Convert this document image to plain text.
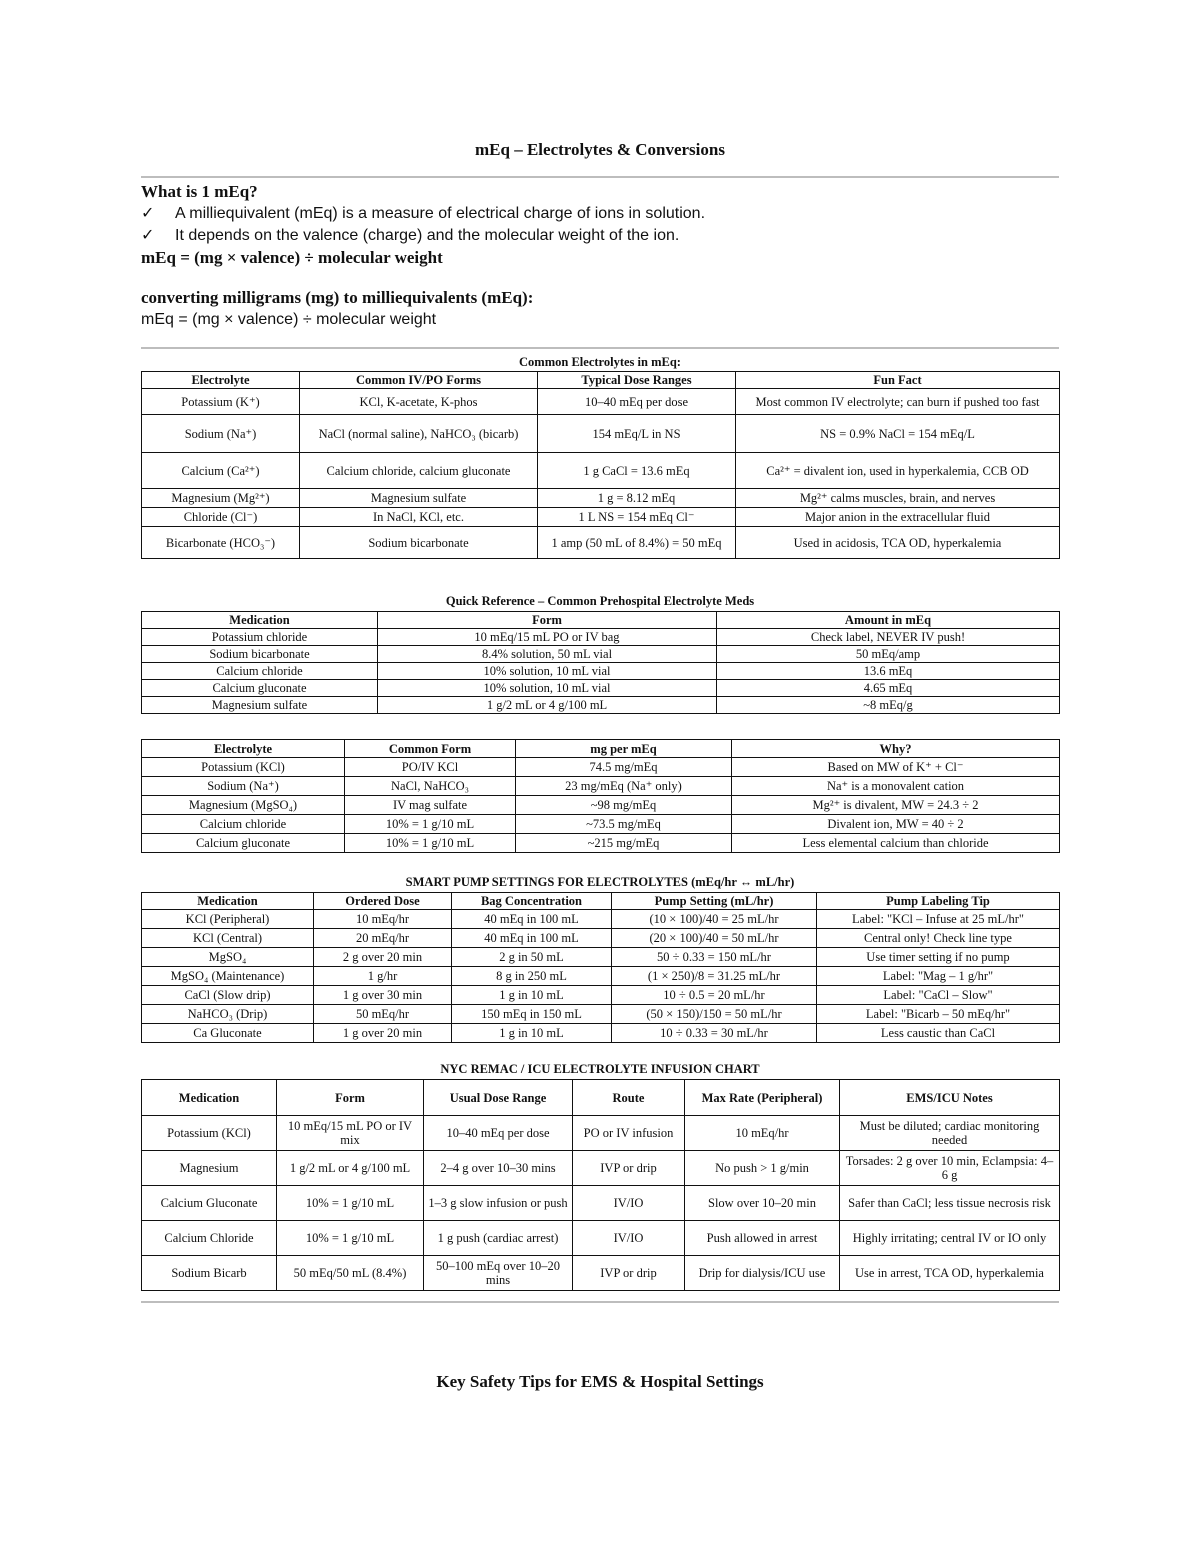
mEq – Electrolytes & Conversions
What is 1 mEq?
✓ A milliequivalent (mEq) is a measure of electrical charge of ions in solution.
✓ It depends on the valence (charge) and the molecular weight of the ion.
mEq = (mg × valence) ÷ molecular weight
converting milligrams (mg) to milliequivalents (mEq):
mEq = (mg × valence) ÷ molecular weight
Common Electrolytes in mEq:
Electrolyte	Common IV/PO Forms	Typical Dose Ranges	Fun Fact
Potassium (K⁺)	KCl, K-acetate, K-phos	10–40 mEq per dose	Most common IV electrolyte; can burn if pushed too fast
Sodium (Na⁺)	NaCl (normal saline), NaHCO₃ (bicarb)	154 mEq/L in NS	NS = 0.9% NaCl = 154 mEq/L
Calcium (Ca²⁺)	Calcium chloride, calcium gluconate	1 g CaCl = 13.6 mEq	Ca²⁺ = divalent ion, used in hyperkalemia, CCB OD
Magnesium (Mg²⁺)	Magnesium sulfate	1 g = 8.12 mEq	Mg²⁺ calms muscles, brain, and nerves
Chloride (Cl⁻)	In NaCl, KCl, etc.	1 L NS = 154 mEq Cl⁻	Major anion in the extracellular fluid
Bicarbonate (HCO₃⁻)	Sodium bicarbonate	1 amp (50 mL of 8.4%) = 50 mEq	Used in acidosis, TCA OD, hyperkalemia
Quick Reference – Common Prehospital Electrolyte Meds
Medication	Form	Amount in mEq
Potassium chloride	10 mEq/15 mL PO or IV bag	Check label, NEVER IV push!
Sodium bicarbonate	8.4% solution, 50 mL vial	50 mEq/amp
Calcium chloride	10% solution, 10 mL vial	13.6 mEq
Calcium gluconate	10% solution, 10 mL vial	4.65 mEq
Magnesium sulfate	1 g/2 mL or 4 g/100 mL	~8 mEq/g
Electrolyte	Common Form	mg per mEq	Why?
Potassium (KCl)	PO/IV KCl	74.5 mg/mEq	Based on MW of K⁺ + Cl⁻
Sodium (Na⁺)	NaCl, NaHCO₃	23 mg/mEq (Na⁺ only)	Na⁺ is a monovalent cation
Magnesium (MgSO₄)	IV mag sulfate	~98 mg/mEq	Mg²⁺ is divalent, MW = 24.3 ÷ 2
Calcium chloride	10% = 1 g/10 mL	~73.5 mg/mEq	Divalent ion, MW = 40 ÷ 2
Calcium gluconate	10% = 1 g/10 mL	~215 mg/mEq	Less elemental calcium than chloride
SMART PUMP SETTINGS FOR ELECTROLYTES (mEq/hr ↔ mL/hr)
Medication	Ordered Dose	Bag Concentration	Pump Setting (mL/hr)	Pump Labeling Tip
KCl (Peripheral)	10 mEq/hr	40 mEq in 100 mL	(10 × 100)/40 = 25 mL/hr	Label: "KCl – Infuse at 25 mL/hr"
KCl (Central)	20 mEq/hr	40 mEq in 100 mL	(20 × 100)/40 = 50 mL/hr	Central only! Check line type
MgSO₄	2 g over 20 min	2 g in 50 mL	50 ÷ 0.33 = 150 mL/hr	Use timer setting if no pump
MgSO₄ (Maintenance)	1 g/hr	8 g in 250 mL	(1 × 250)/8 = 31.25 mL/hr	Label: "Mag – 1 g/hr"
CaCl (Slow drip)	1 g over 30 min	1 g in 10 mL	10 ÷ 0.5 = 20 mL/hr	Label: "CaCl – Slow"
NaHCO₃ (Drip)	50 mEq/hr	150 mEq in 150 mL	(50 × 150)/150 = 50 mL/hr	Label: "Bicarb – 50 mEq/hr"
Ca Gluconate	1 g over 20 min	1 g in 10 mL	10 ÷ 0.33 = 30 mL/hr	Less caustic than CaCl
NYC REMAC / ICU ELECTROLYTE INFUSION CHART
Medication	Form	Usual Dose Range	Route	Max Rate (Peripheral)	EMS/ICU Notes
Potassium (KCl)	10 mEq/15 mL PO or IV mix	10–40 mEq per dose	PO or IV infusion	10 mEq/hr	Must be diluted; cardiac monitoring needed
Magnesium	1 g/2 mL or 4 g/100 mL	2–4 g over 10–30 mins	IVP or drip	No push > 1 g/min	Torsades: 2 g over 10 min, Eclampsia: 4–6 g
Calcium Gluconate	10% = 1 g/10 mL	1–3 g slow infusion or push	IV/IO	Slow over 10–20 min	Safer than CaCl; less tissue necrosis risk
Calcium Chloride	10% = 1 g/10 mL	1 g push (cardiac arrest)	IV/IO	Push allowed in arrest	Highly irritating; central IV or IO only
Sodium Bicarb	50 mEq/50 mL (8.4%)	50–100 mEq over 10–20 mins	IVP or drip	Drip for dialysis/ICU use	Use in arrest, TCA OD, hyperkalemia
Key Safety Tips for EMS & Hospital Settings
